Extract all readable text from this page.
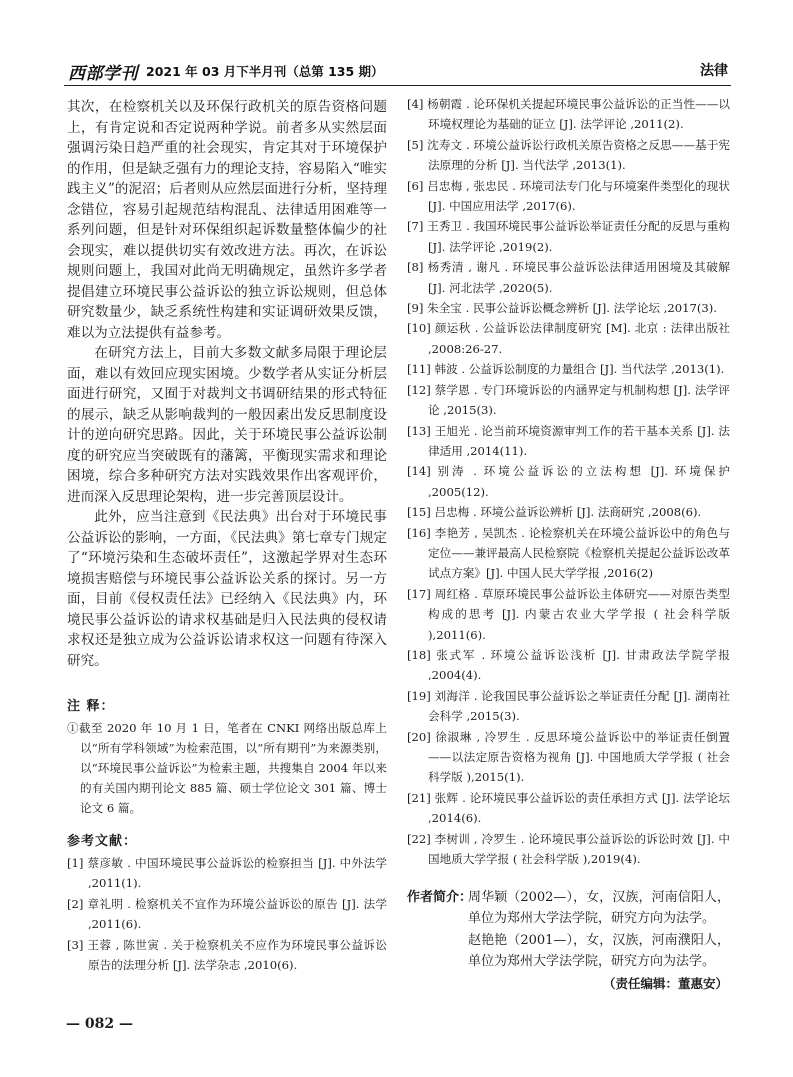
西部学刊 2021 年 03 月下半月刊（总第 135 期）	法律

其次，在检察机关以及环保行政机关的原告资格问题上，有肯定说和否定说两种学说。前者多从实然层面强调污染日趋严重的社会现实，肯定其对于环境保护的作用，但是缺乏强有力的理论支持，容易陷入“唯实践主义”的泥沼；后者则从应然层面进行分析，坚持理念错位，容易引起规范结构混乱、法律适用困难等一系列问题，但是针对环保组织起诉数量整体偏少的社会现实，难以提供切实有效改进方法。再次，在诉讼规则问题上，我国对此尚无明确规定，虽然许多学者提倡建立环境民事公益诉讼的独立诉讼规则，但总体研究数量少，缺乏系统性构建和实证调研效果反馈，难以为立法提供有益参考。

在研究方法上，目前大多数文献多局限于理论层面，难以有效回应现实困境。少数学者从实证分析层面进行研究，又囿于对裁判文书调研结果的形式特征的展示，缺乏从影响裁判的一般因素出发反思制度设计的逆向研究思路。因此，关于环境民事公益诉讼制度的研究应当突破既有的藩篱，平衡现实需求和理论困境，综合多种研究方法对实践效果作出客观评价，进而深入反思理论架构，进一步完善顶层设计。

此外，应当注意到《民法典》出台对于环境民事公益诉讼的影响，一方面，《民法典》第七章专门规定了“环境污染和生态破坏责任”，这激起学界对生态环境损害赔偿与环境民事公益诉讼关系的探讨。另一方面，目前《侵权责任法》已经纳入《民法典》内，环境民事公益诉讼的请求权基础是归入民法典的侵权请求权还是独立成为公益诉讼请求权这一问题有待深入研究。

注 释：
①截至 2020 年 10 月 1 日，笔者在 CNKI 网络出版总库上以“所有学科领域”为检索范围，以“所有期刊”为来源类别，以“环境民事公益诉讼”为检索主题，共搜集自 2004 年以来的有关国内期刊论文 885 篇、硕士学位论文 301 篇、博士论文 6 篇。
参考文献：
[1] 蔡彦敏 . 中国环境民事公益诉讼的检察担当 [J]. 中外法学 ,2011(1).
[2] 章礼明 . 检察机关不宜作为环境公益诉讼的原告 [J]. 法学 ,2011(6).
[3] 王蓉 , 陈世寅 . 关于检察机关不应作为环境民事公益诉讼原告的法理分析 [J]. 法学杂志 ,2010(6).
[4] 杨朝霞 . 论环保机关提起环境民事公益诉讼的正当性——以环境权理论为基础的证立 [J]. 法学评论 ,2011(2).
[5] 沈寿文 . 环境公益诉讼行政机关原告资格之反思——基于宪法原理的分析 [J]. 当代法学 ,2013(1).
[6] 吕忠梅 , 张忠民 . 环境司法专门化与环境案件类型化的现状 [J]. 中国应用法学 ,2017(6).
[7] 王秀卫 . 我国环境民事公益诉讼举证责任分配的反思与重构 [J]. 法学评论 ,2019(2).
[8] 杨秀清 , 谢凡 . 环境民事公益诉讼法律适用困境及其破解 [J]. 河北法学 ,2020(5).
[9] 朱全宝 . 民事公益诉讼概念辨析 [J]. 法学论坛 ,2017(3).
[10] 颜运秋 . 公益诉讼法律制度研究 [M]. 北京 : 法律出版社 ,2008:26-27.
[11] 韩波 . 公益诉讼制度的力量组合 [J]. 当代法学 ,2013(1).
[12] 蔡学恩 . 专门环境诉讼的内涵界定与机制构想 [J]. 法学评论 ,2015(3).
[13] 王旭光 . 论当前环境资源审判工作的若干基本关系 [J]. 法律适用 ,2014(11).
[14] 别涛 . 环境公益诉讼的立法构想 [J]. 环境保护 ,2005(12).
[15] 吕忠梅 . 环境公益诉讼辨析 [J]. 法商研究 ,2008(6).
[16] 李艳芳 , 吴凯杰 . 论检察机关在环境公益诉讼中的角色与定位——兼评最高人民检察院《检察机关提起公益诉讼改革试点方案》[J]. 中国人民大学学报 ,2016(2)
[17] 周红格 . 草原环境民事公益诉讼主体研究——对原告类型构成的思考 [J]. 内蒙古农业大学学报 ( 社会科学版 ),2011(6).
[18] 张式军 . 环境公益诉讼浅析 [J]. 甘肃政法学院学报 ,2004(4).
[19] 刘海洋 . 论我国民事公益诉讼之举证责任分配 [J]. 湖南社会科学 ,2015(3).
[20] 徐淑琳 , 冷罗生 . 反思环境公益诉讼中的举证责任倒置——以法定原告资格为视角 [J]. 中国地质大学学报 ( 社会科学版 ),2015(1).
[21] 张辉 . 论环境民事公益诉讼的责任承担方式 [J]. 法学论坛 ,2014(6).
[22] 李树训 , 冷罗生 . 论环境民事公益诉讼的诉讼时效 [J]. 中国地质大学学报 ( 社会科学版 ),2019(4).
作者简介：
周华颖（2002—），女，汉族，河南信阳人，单位为郑州大学法学院，研究方向为法学。
赵艳艳（2001—），女，汉族，河南濮阳人，单位为郑州大学法学院，研究方向为法学。
（责任编辑：董惠安）
— 082 —
